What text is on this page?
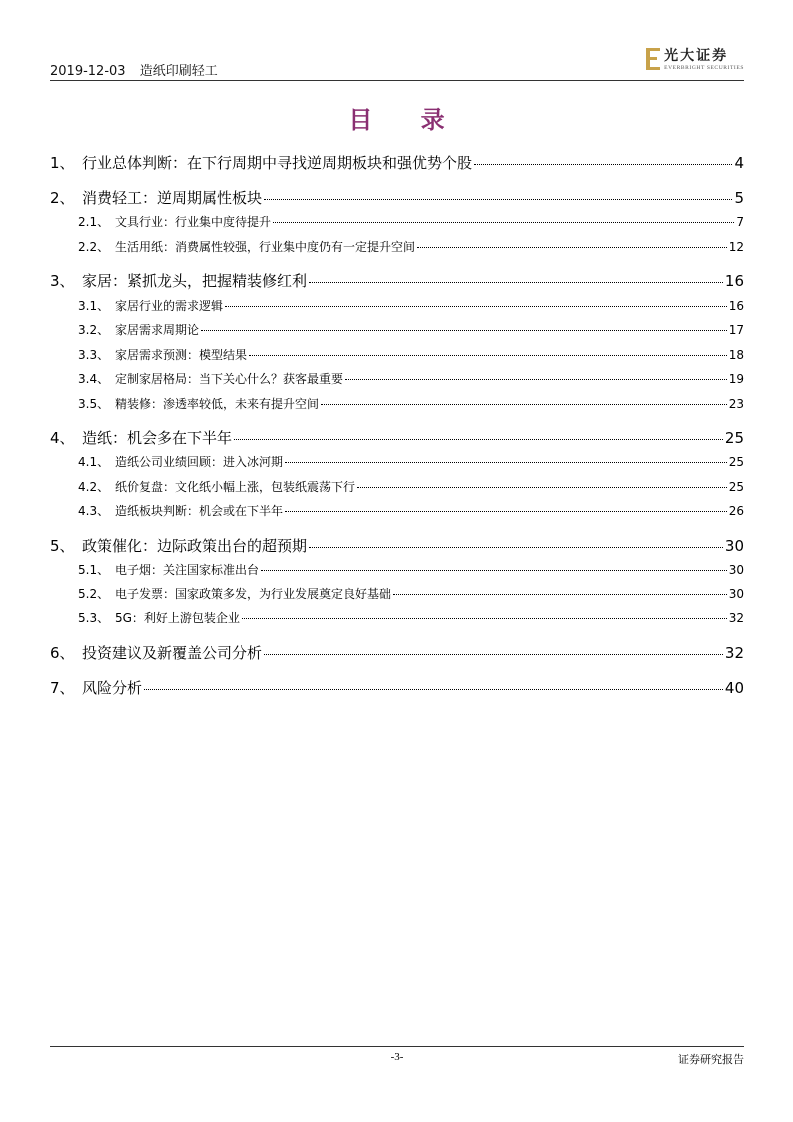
2019-12-03 造纸印刷轻工
光大证券
EVERBRIGHT SECURITIES
目 录
1、 行业总体判断：在下行周期中寻找逆周期板块和强优势个股	4
2、 消费轻工：逆周期属性板块	5
2.1、 文具行业：行业集中度待提升	7
2.2、 生活用纸：消费属性较强，行业集中度仍有一定提升空间	12
3、 家居：紧抓龙头，把握精装修红利	16
3.1、 家居行业的需求逻辑	16
3.2、 家居需求周期论	17
3.3、 家居需求预测：模型结果	18
3.4、 定制家居格局：当下关心什么？获客最重要	19
3.5、 精装修：渗透率较低，未来有提升空间	23
4、 造纸：机会多在下半年	25
4.1、 造纸公司业绩回顾：进入冰河期	25
4.2、 纸价复盘：文化纸小幅上涨，包装纸震荡下行	25
4.3、 造纸板块判断：机会或在下半年	26
5、 政策催化：边际政策出台的超预期	30
5.1、 电子烟：关注国家标准出台	30
5.2、 电子发票：国家政策多发，为行业发展奠定良好基础	30
5.3、 5G：利好上游包装企业	32
6、 投资建议及新覆盖公司分析	32
7、 风险分析	40
-3-	证券研究报告
